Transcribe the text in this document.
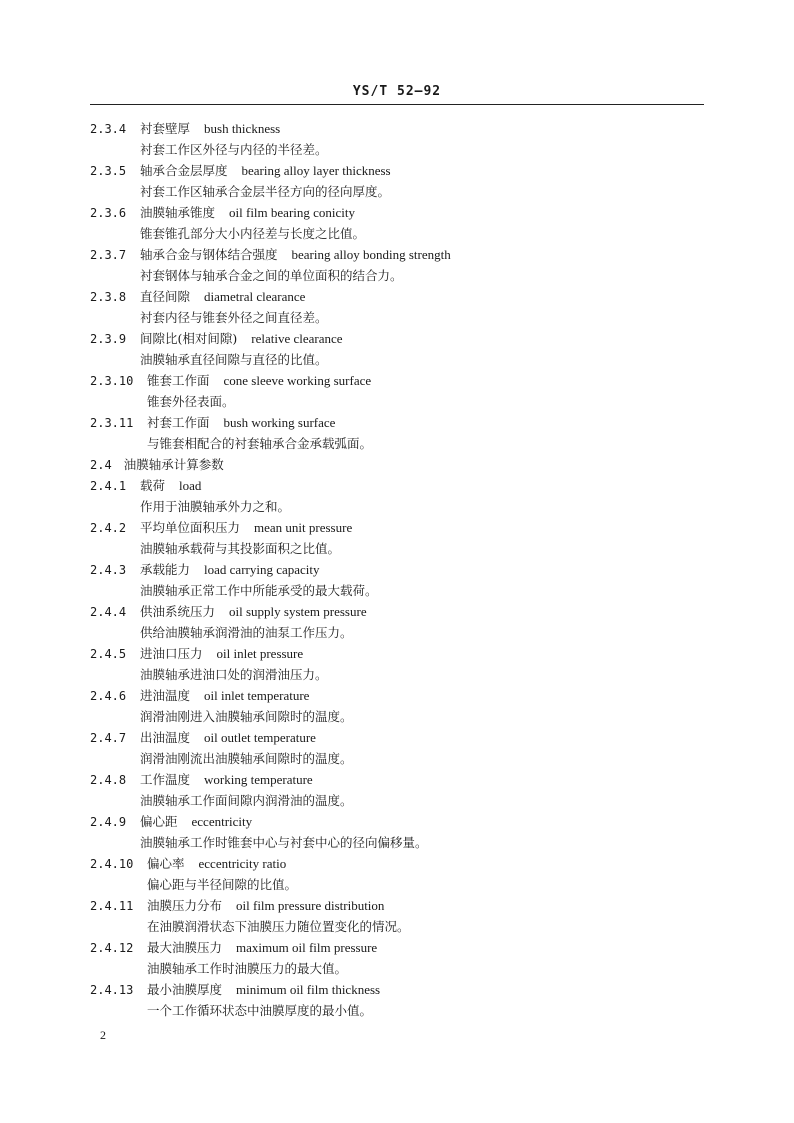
YS/T 52—92
2.3.4 衬套壁厚 bush thickness
衬套工作区外径与内径的半径差。
2.3.5 轴承合金层厚度 bearing alloy layer thickness
衬套工作区轴承合金层半径方向的径向厚度。
2.3.6 油膜轴承锥度 oil film bearing conicity
锥套锥孔部分大小内径差与长度之比值。
2.3.7 轴承合金与钢体结合强度 bearing alloy bonding strength
衬套钢体与轴承合金之间的单位面积的结合力。
2.3.8 直径间隙 diametral clearance
衬套内径与锥套外径之间直径差。
2.3.9 间隙比(相对间隙) relative clearance
油膜轴承直径间隙与直径的比值。
2.3.10 锥套工作面 cone sleeve working surface
锥套外径表面。
2.3.11 衬套工作面 bush working surface
与锥套相配合的衬套轴承合金承载弧面。
2.4 油膜轴承计算参数
2.4.1 载荷 load
作用于油膜轴承外力之和。
2.4.2 平均单位面积压力 mean unit pressure
油膜轴承载荷与其投影面积之比值。
2.4.3 承载能力 load carrying capacity
油膜轴承正常工作中所能承受的最大载荷。
2.4.4 供油系统压力 oil supply system pressure
供给油膜轴承润滑油的油泵工作压力。
2.4.5 进油口压力 oil inlet pressure
油膜轴承进油口处的润滑油压力。
2.4.6 进油温度 oil inlet temperature
润滑油刚进入油膜轴承间隙时的温度。
2.4.7 出油温度 oil outlet temperature
润滑油刚流出油膜轴承间隙时的温度。
2.4.8 工作温度 working temperature
油膜轴承工作面间隙内润滑油的温度。
2.4.9 偏心距 eccentricity
油膜轴承工作时锥套中心与衬套中心的径向偏移量。
2.4.10 偏心率 eccentricity ratio
偏心距与半径间隙的比值。
2.4.11 油膜压力分布 oil film pressure distribution
在油膜润滑状态下油膜压力随位置变化的情况。
2.4.12 最大油膜压力 maximum oil film pressure
油膜轴承工作时油膜压力的最大值。
2.4.13 最小油膜厚度 minimum oil film thickness
一个工作循环状态中油膜厚度的最小值。
2
